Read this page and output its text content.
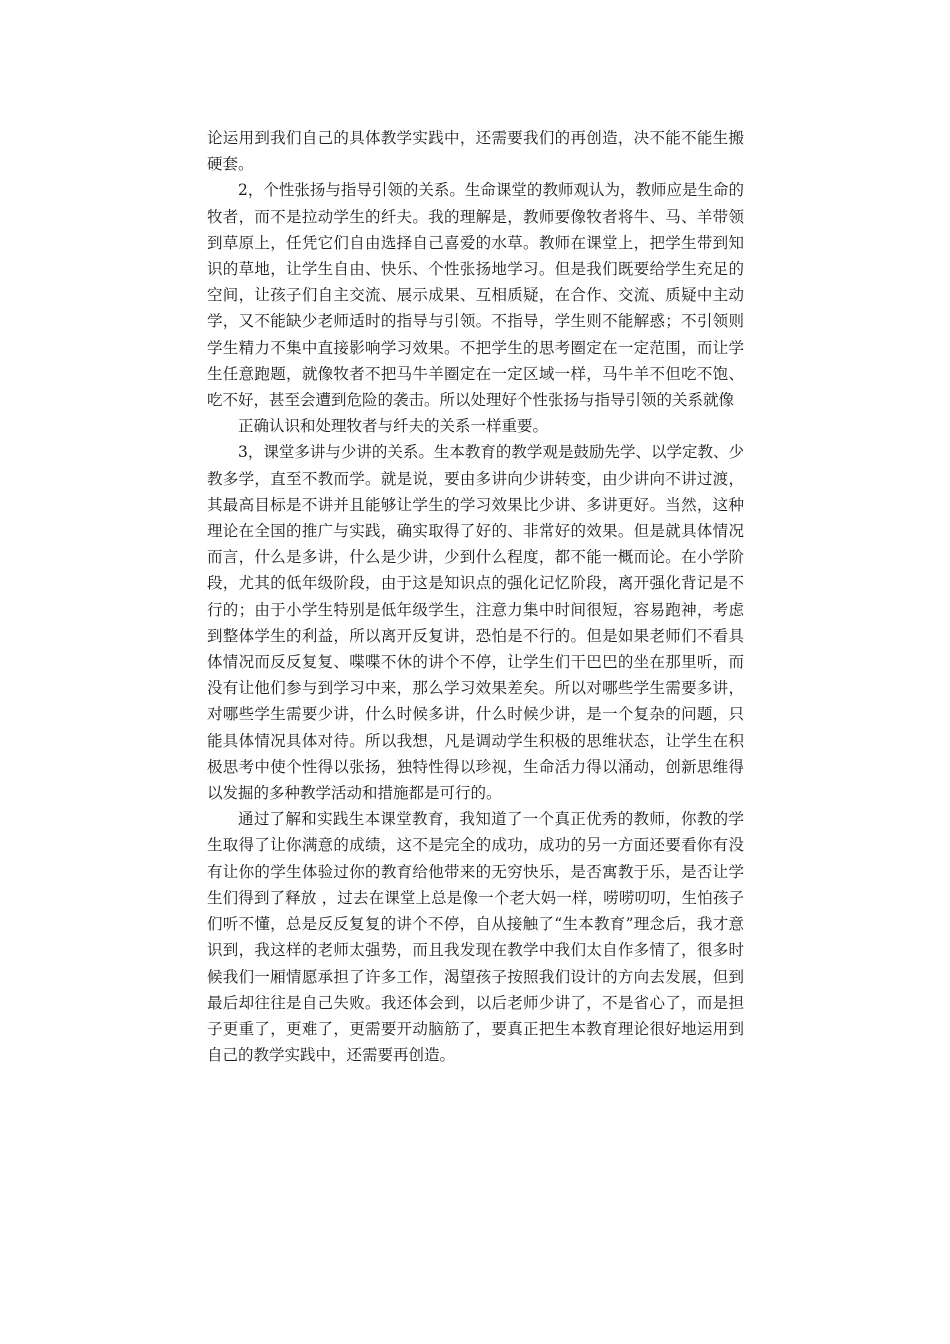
论运用到我们自己的具体教学实践中，还需要我们的再创造，决不能不能生搬硬套。

2，个性张扬与指导引领的关系。生命课堂的教师观认为，教师应是生命的牧者，而不是拉动学生的纤夫。我的理解是，教师要像牧者将牛、马、羊带领到草原上，任凭它们自由选择自己喜爱的水草。教师在课堂上，把学生带到知识的草地，让学生自由、快乐、个性张扬地学习。但是我们既要给学生充足的空间，让孩子们自主交流、展示成果、互相质疑，在合作、交流、质疑中主动学，又不能缺少老师适时的指导与引领。不指导，学生则不能解惑；不引领则学生精力不集中直接影响学习效果。不把学生的思考圈定在一定范围，而让学生任意跑题，就像牧者不把马牛羊圈定在一定区域一样，马牛羊不但吃不饱、吃不好，甚至会遭到危险的袭击。所以处理好个性张扬与指导引领的关系就像

正确认识和处理牧者与纤夫的关系一样重要。

3，课堂多讲与少讲的关系。生本教育的教学观是鼓励先学、以学定教、少教多学，直至不教而学。就是说，要由多讲向少讲转变，由少讲向不讲过渡，其最高目标是不讲并且能够让学生的学习效果比少讲、多讲更好。当然，这种理论在全国的推广与实践，确实取得了好的、非常好的效果。但是就具体情况而言，什么是多讲，什么是少讲，少到什么程度，都不能一概而论。在小学阶段，尤其的低年级阶段，由于这是知识点的强化记忆阶段，离开强化背记是不行的；由于小学生特别是低年级学生，注意力集中时间很短，容易跑神，考虑到整体学生的利益，所以离开反复讲，恐怕是不行的。但是如果老师们不看具体情况而反反复复、喋喋不休的讲个不停，让学生们干巴巴的坐在那里听，而没有让他们参与到学习中来，那么学习效果差矣。所以对哪些学生需要多讲，对哪些学生需要少讲，什么时候多讲，什么时候少讲，是一个复杂的问题，只能具体情况具体对待。所以我想，凡是调动学生积极的思维状态，让学生在积极思考中使个性得以张扬，独特性得以珍视，生命活力得以涌动，创新思维得以发掘的多种教学活动和措施都是可行的。

通过了解和实践生本课堂教育，我知道了一个真正优秀的教师，你教的学生取得了让你满意的成绩，这不是完全的成功，成功的另一方面还要看你有没有让你的学生体验过你的教育给他带来的无穷快乐，是否寓教于乐，是否让学生们得到了释放 ，过去在课堂上总是像一个老大妈一样，唠唠叨叨，生怕孩子们听不懂，总是反反复复的讲个不停，自从接触了“生本教育”理念后，我才意识到，我这样的老师太强势，而且我发现在教学中我们太自作多情了，很多时候我们一厢情愿承担了许多工作，渴望孩子按照我们设计的方向去发展，但到最后却往往是自己失败。我还体会到，以后老师少讲了，不是省心了，而是担子更重了，更难了，更需要开动脑筋了，要真正把生本教育理论很好地运用到自己的教学实践中，还需要再创造。
